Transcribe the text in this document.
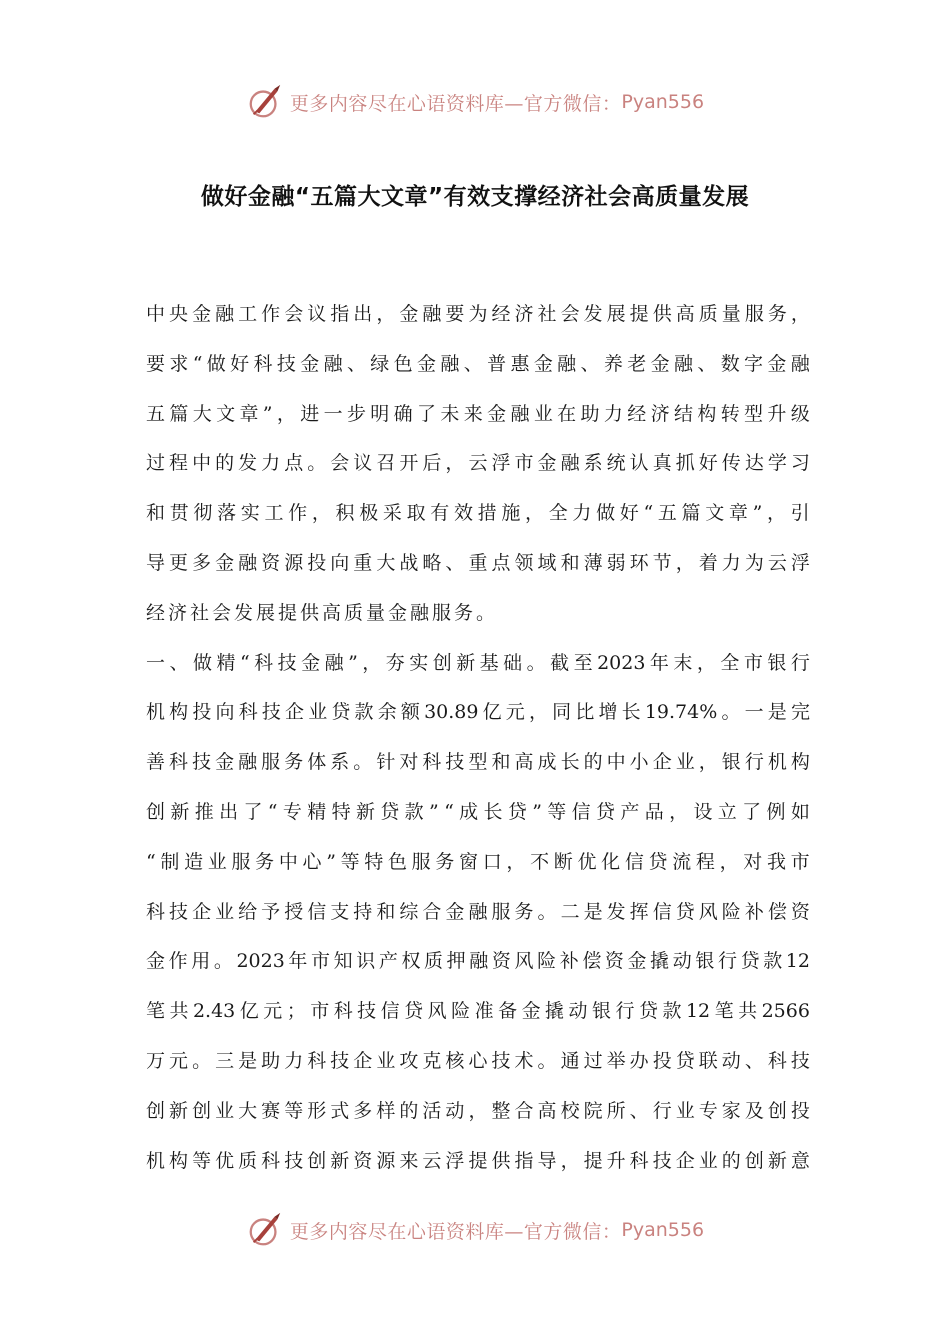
更多内容尽在心语资料库—官方微信： Pyan556
做好金融“五篇大文章”有效支撑经济社会高质量发展
中 央 金 融 工 作 会 议 指 出 ， 金 融 要 为 经 济 社 会 发 展 提 供 高 质 量 服 务 ，
要 求 “ 做 好 科 技 金 融 、 绿 色 金 融 、 普 惠 金 融 、 养 老 金 融 、 数 字 金 融
五 篇 大 文 章 ” ， 进 一 步 明 确 了 未 来 金 融 业 在 助 力 经 济 结 构 转 型 升 级
过 程 中 的 发 力 点 。 会 议 召 开 后 ， 云 浮 市 金 融 系 统 认 真 抓 好 传 达 学 习
和 贯 彻 落 实 工 作 ， 积 极 采 取 有 效 措 施 ， 全 力 做 好 “ 五 篇 文 章 ” ， 引
导 更 多 金 融 资 源 投 向 重 大 战 略 、 重 点 领 域 和 薄 弱 环 节 ， 着 力 为 云 浮
经济社会发展提供高质量金融服务。
一 、 做 精 “ 科 技 金 融 ” ， 夯 实 创 新 基 础 。 截 至 2023 年 末 ， 全 市 银 行
机 构 投 向 科 技 企 业 贷 款 余 额 30.89 亿 元 ， 同 比 增 长 19.74% 。 一 是 完
善 科 技 金 融 服 务 体 系 。 针 对 科 技 型 和 高 成 长 的 中 小 企 业 ， 银 行 机 构
创 新 推 出 了 “ 专 精 特 新 贷 款 ” “ 成 长 贷 ” 等 信 贷 产 品 ， 设 立 了 例 如
“ 制 造 业 服 务 中 心 ” 等 特 色 服 务 窗 口 ， 不 断 优 化 信 贷 流 程 ， 对 我 市
科 技 企 业 给 予 授 信 支 持 和 综 合 金 融 服 务 。 二 是 发 挥 信 贷 风 险 补 偿 资
金 作 用 。 2023 年 市 知 识 产 权 质 押 融 资 风 险 补 偿 资 金 撬 动 银 行 贷 款 12
笔 共 2.43 亿 元 ； 市 科 技 信 贷 风 险 准 备 金 撬 动 银 行 贷 款 12 笔 共 2566
万 元 。 三 是 助 力 科 技 企 业 攻 克 核 心 技 术 。 通 过 举 办 投 贷 联 动 、 科 技
创 新 创 业 大 赛 等 形 式 多 样 的 活 动 ， 整 合 高 校 院 所 、 行 业 专 家 及 创 投
机 构 等 优 质 科 技 创 新 资 源 来 云 浮 提 供 指 导 ， 提 升 科 技 企 业 的 创 新 意
更多内容尽在心语资料库—官方微信： Pyan556
